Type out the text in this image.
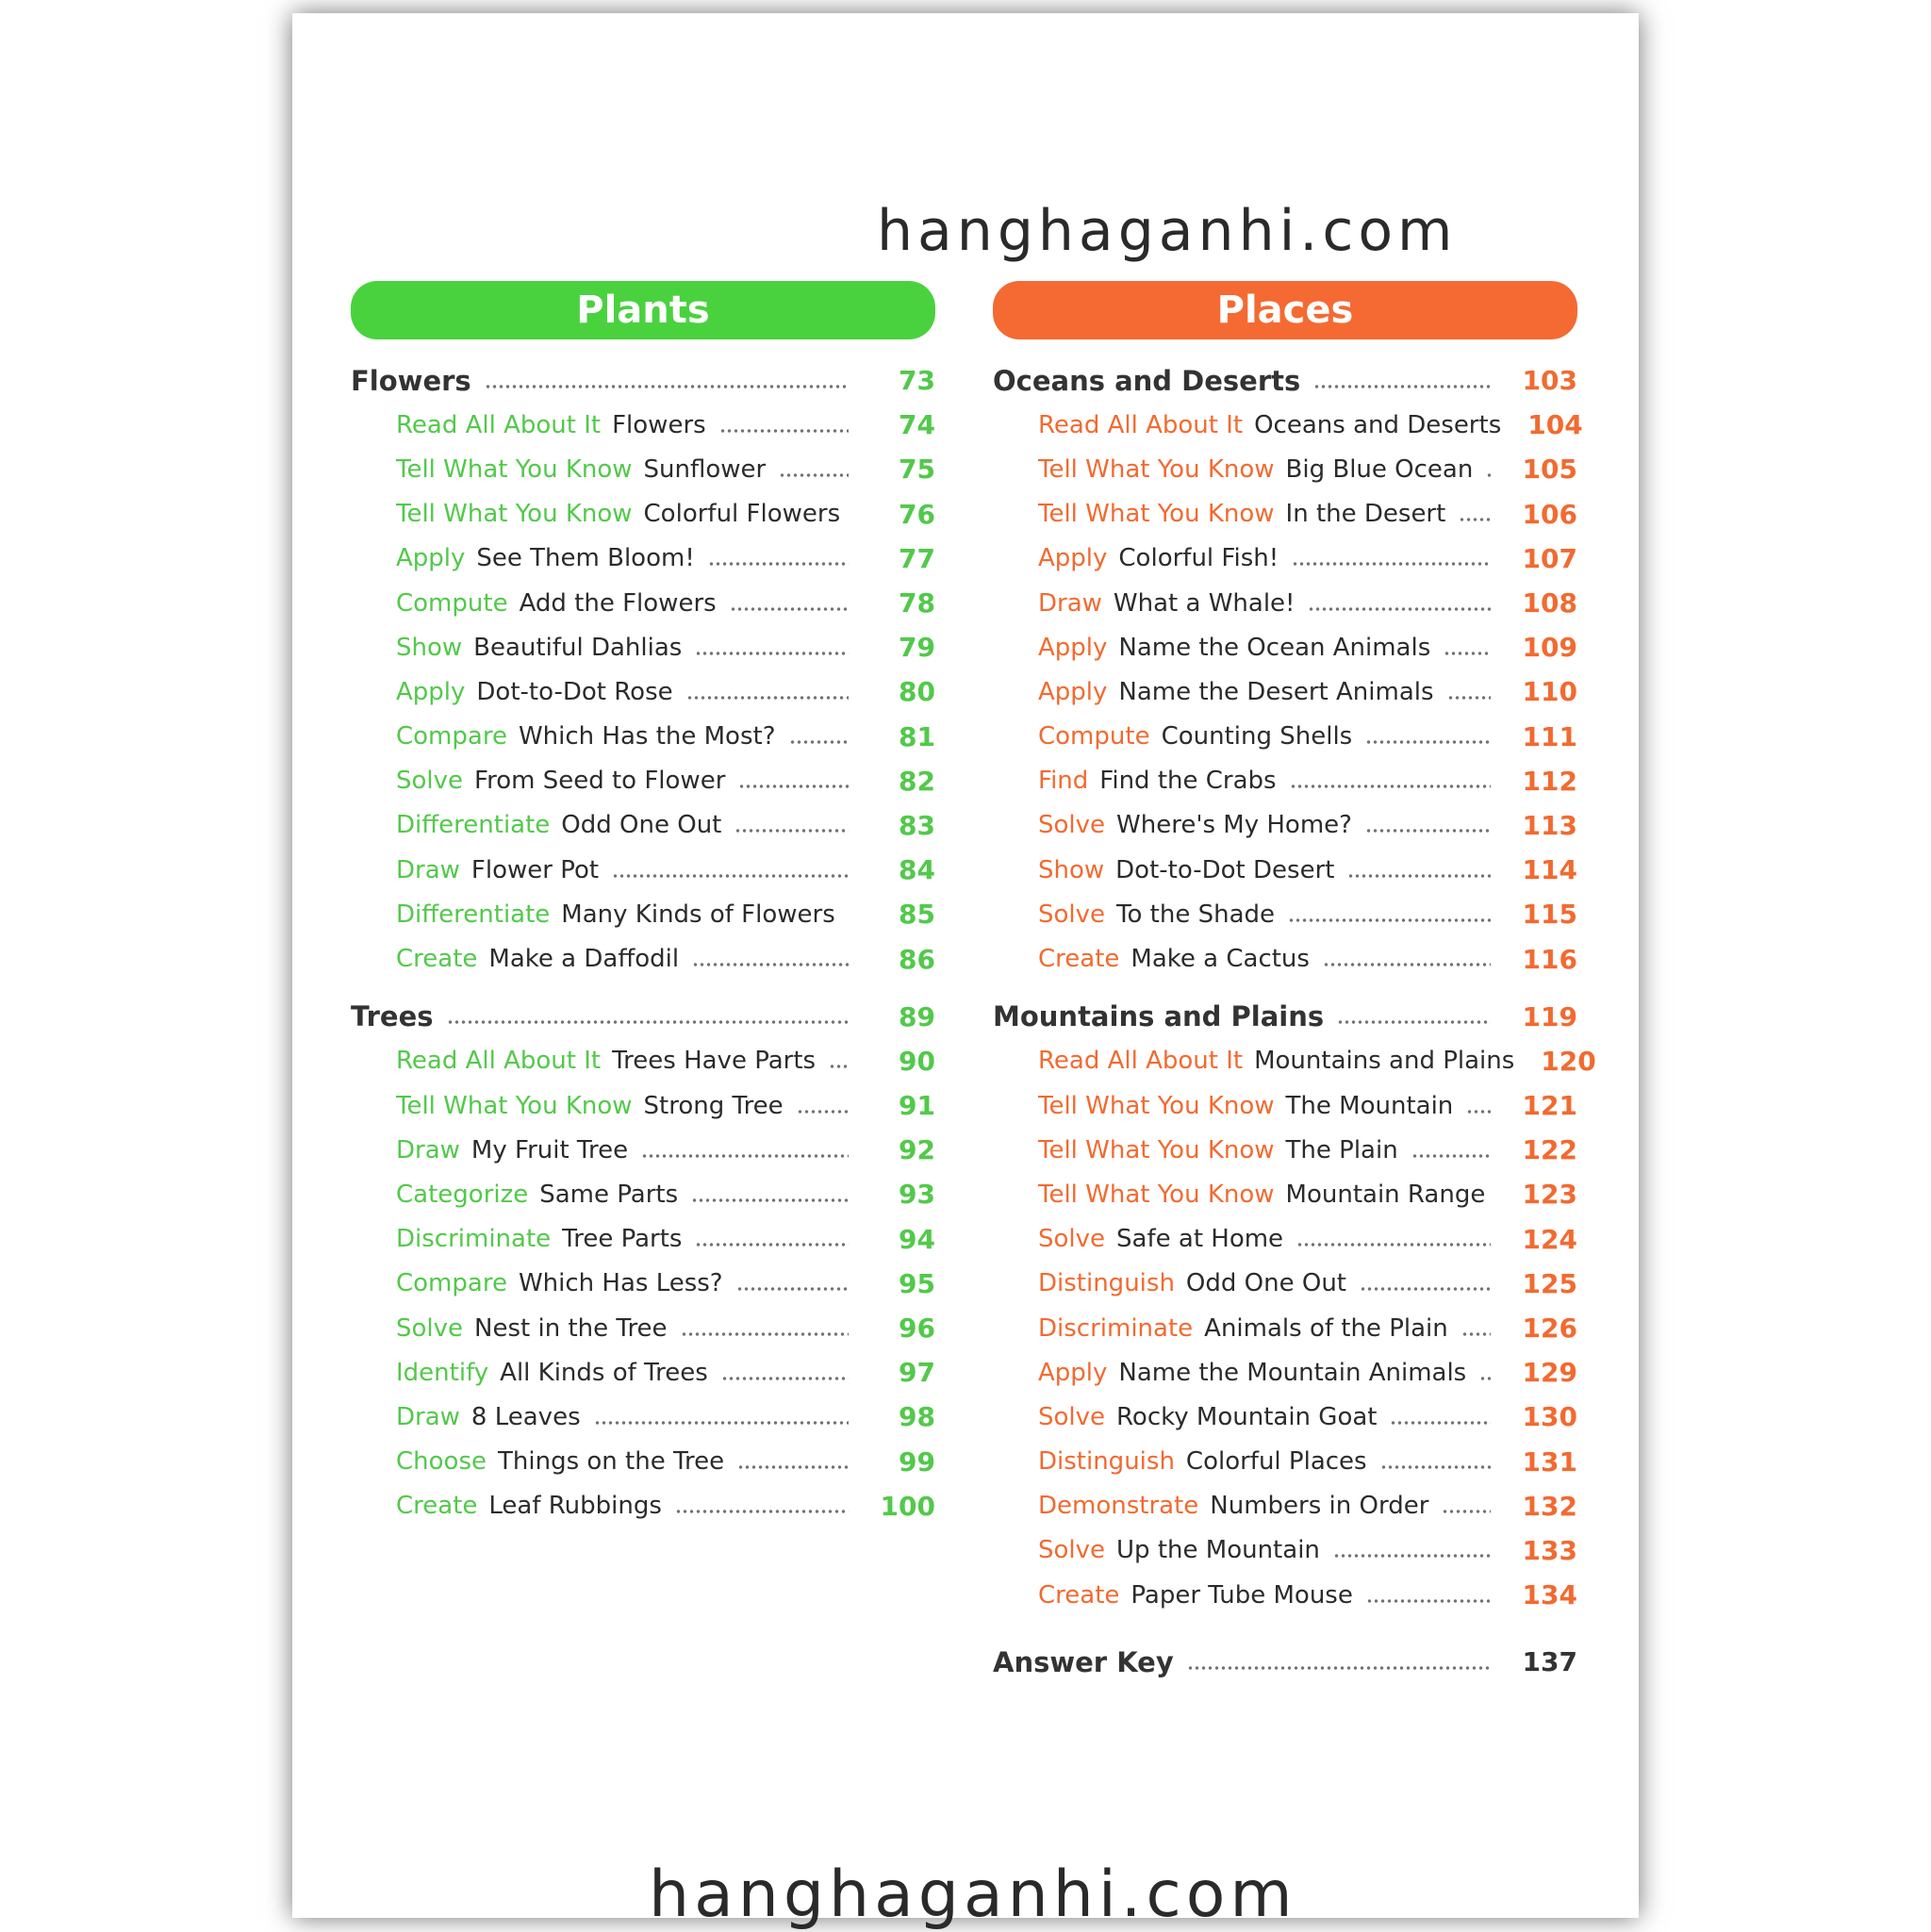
hanghaganhi.com
Plants
Flowers	73
Read All About It Flowers	74
Tell What You Know Sunflower	75
Tell What You Know Colorful Flowers	76
Apply See Them Bloom!	77
Compute Add the Flowers	78
Show Beautiful Dahlias	79
Apply Dot-to-Dot Rose	80
Compare Which Has the Most?	81
Solve From Seed to Flower	82
Differentiate Odd One Out	83
Draw Flower Pot	84
Differentiate Many Kinds of Flowers	85
Create Make a Daffodil	86
Trees	89
Read All About It Trees Have Parts	90
Tell What You Know Strong Tree	91
Draw My Fruit Tree	92
Categorize Same Parts	93
Discriminate Tree Parts	94
Compare Which Has Less?	95
Solve Nest in the Tree	96
Identify All Kinds of Trees	97
Draw 8 Leaves	98
Choose Things on the Tree	99
Create Leaf Rubbings	100
Places
Oceans and Deserts	103
Read All About It Oceans and Deserts 104
Tell What You Know Big Blue Ocean	105
Tell What You Know In the Desert	106
Apply Colorful Fish!	107
Draw What a Whale!	108
Apply Name the Ocean Animals	109
Apply Name the Desert Animals	110
Compute Counting Shells	111
Find Find the Crabs	112
Solve Where's My Home?	113
Show Dot-to-Dot Desert	114
Solve To the Shade	115
Create Make a Cactus	116
Mountains and Plains	119
Read All About It Mountains and Plains 120
Tell What You Know The Mountain	121
Tell What You Know The Plain	122
Tell What You Know Mountain Range	123
Solve Safe at Home	124
Distinguish Odd One Out	125
Discriminate Animals of the Plain	126
Apply Name the Mountain Animals	129
Solve Rocky Mountain Goat	130
Distinguish Colorful Places	131
Demonstrate Numbers in Order	132
Solve Up the Mountain	133
Create Paper Tube Mouse	134
Answer Key	137
hanghaganhi.com
